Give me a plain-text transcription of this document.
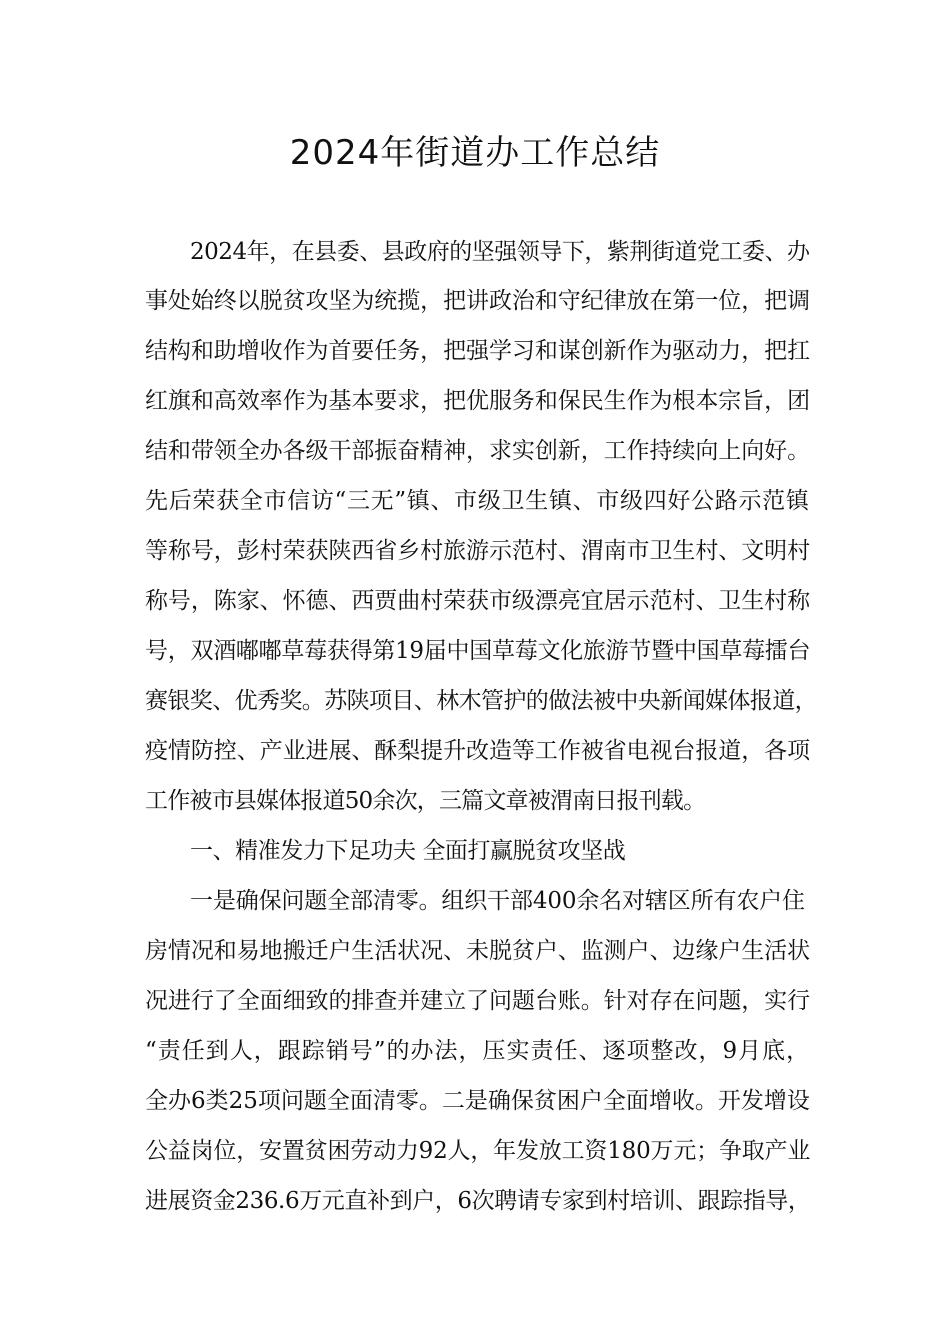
2024年街道办工作总结
2024年，在县委、县政府的坚强领导下，紫荆街道党工委、办
事处始终以脱贫攻坚为统揽，把讲政治和守纪律放在第一位，把调
结构和助增收作为首要任务，把强学习和谋创新作为驱动力，把扛
红旗和高效率作为基本要求，把优服务和保民生作为根本宗旨，团
结和带领全办各级干部振奋精神，求实创新，工作持续向上向好。
先后荣获全市信访“三无”镇、市级卫生镇、市级四好公路示范镇
等称号，彭村荣获陕西省乡村旅游示范村、渭南市卫生村、文明村
称号，陈家、怀德、西贾曲村荣获市级漂亮宜居示范村、卫生村称
号，双酒嘟嘟草莓获得第19届中国草莓文化旅游节暨中国草莓擂台
赛银奖、优秀奖。苏陕项目、林木管护的做法被中央新闻媒体报道，
疫情防控、产业进展、酥梨提升改造等工作被省电视台报道，各项
工作被市县媒体报道50余次，三篇文章被渭南日报刊载。
一、精准发力下足功夫 全面打赢脱贫攻坚战
一是确保问题全部清零。组织干部400余名对辖区所有农户住
房情况和易地搬迁户生活状况、未脱贫户、监测户、边缘户生活状
况进行了全面细致的排查并建立了问题台账。针对存在问题，实行
“责任到人，跟踪销号”的办法，压实责任、逐项整改，9月底，
全办6类25项问题全面清零。二是确保贫困户全面增收。开发增设
公益岗位，安置贫困劳动力92人，年发放工资180万元；争取产业
进展资金236.6万元直补到户，6次聘请专家到村培训、跟踪指导，
